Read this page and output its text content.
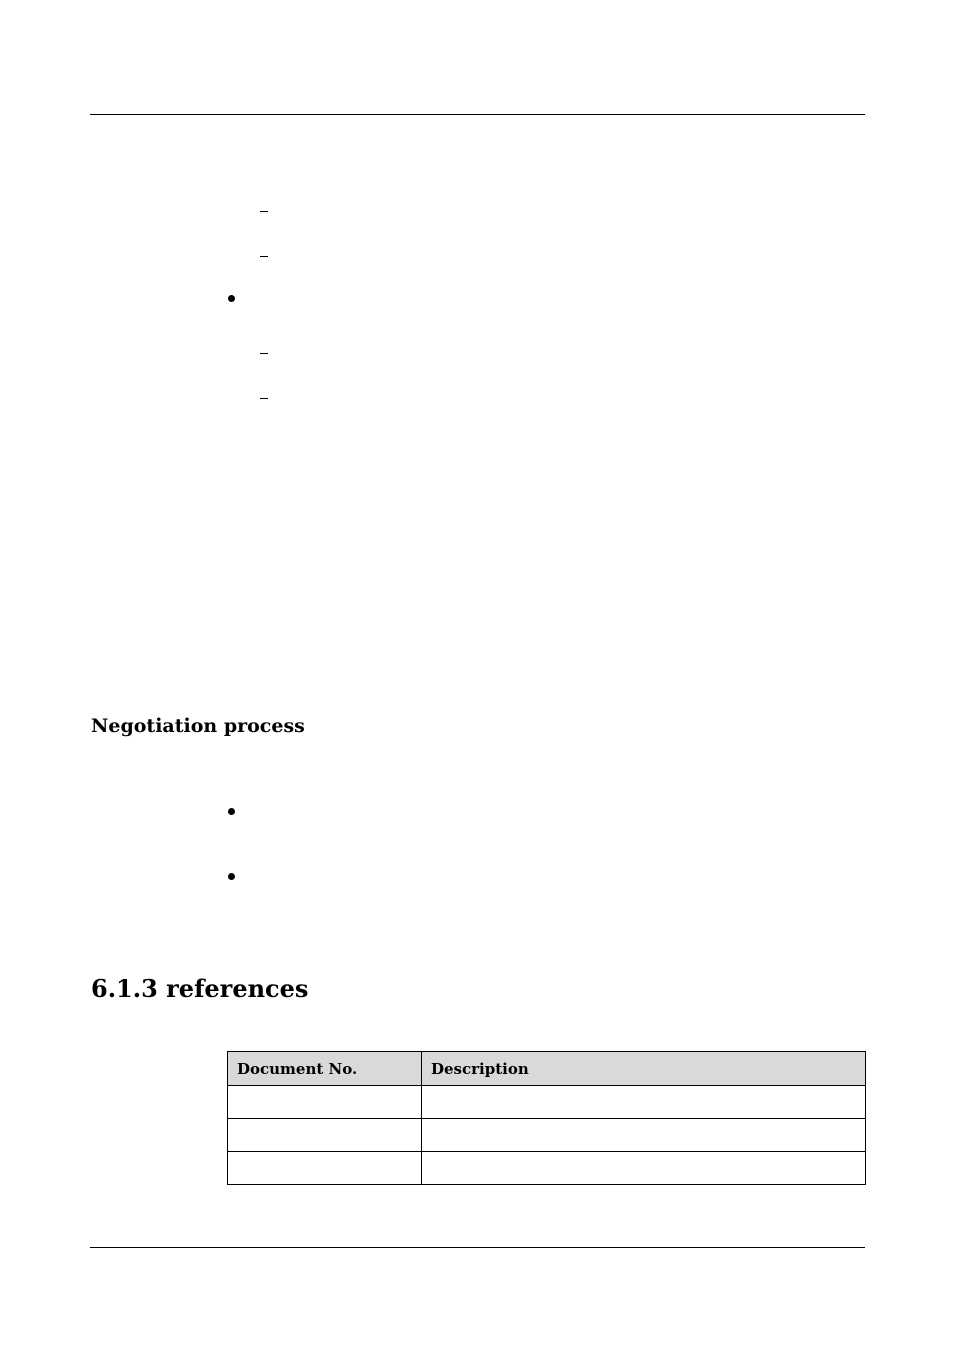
Negotiation process
6.1.3 references
Document No.	Description
